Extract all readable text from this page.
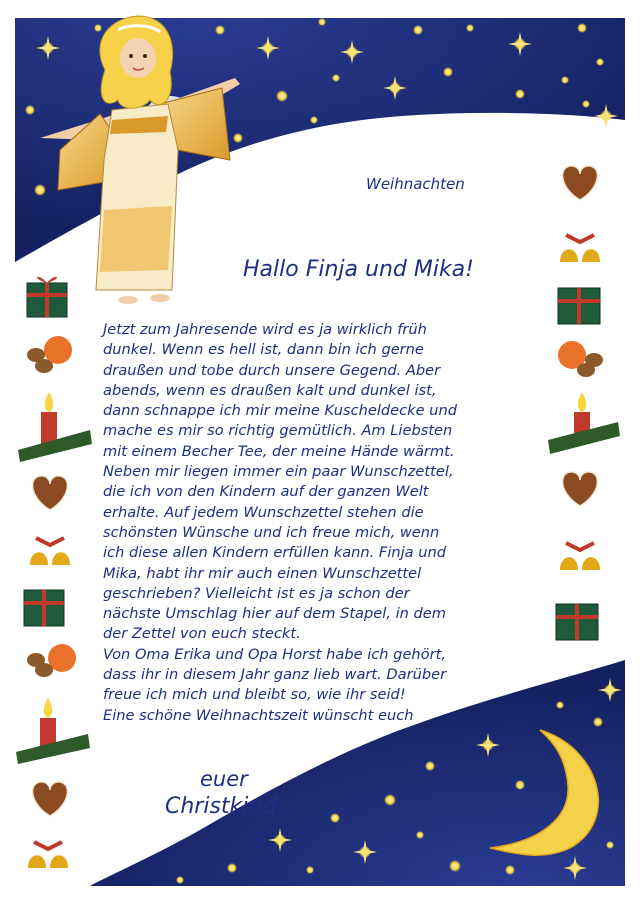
Weihnachten
Hallo Finja und Mika!
Jetzt zum Jahresende wird es ja wirklich früh
dunkel. Wenn es hell ist, dann bin ich gerne
draußen und tobe durch unsere Gegend. Aber
abends, wenn es draußen kalt und dunkel ist,
dann schnappe ich mir meine Kuscheldecke und
mache es mir so richtig gemütlich. Am Liebsten
mit einem Becher Tee, der meine Hände wärmt.
Neben mir liegen immer ein paar Wunschzettel,
die ich von den Kindern auf der ganzen Welt
erhalte. Auf jedem Wunschzettel stehen die
schönsten Wünsche und ich freue mich, wenn
ich diese allen Kindern erfüllen kann. Finja und
Mika, habt ihr mir auch einen Wunschzettel
geschrieben? Vielleicht ist es ja schon der
nächste Umschlag hier auf dem Stapel, in dem
der Zettel von euch steckt.
Von Oma Erika und Opa Horst habe ich gehört,
dass ihr in diesem Jahr ganz lieb wart. Darüber
freue ich mich und bleibt so, wie ihr seid!
Eine schöne Weihnachtszeit wünscht euch
euer
Christkind
